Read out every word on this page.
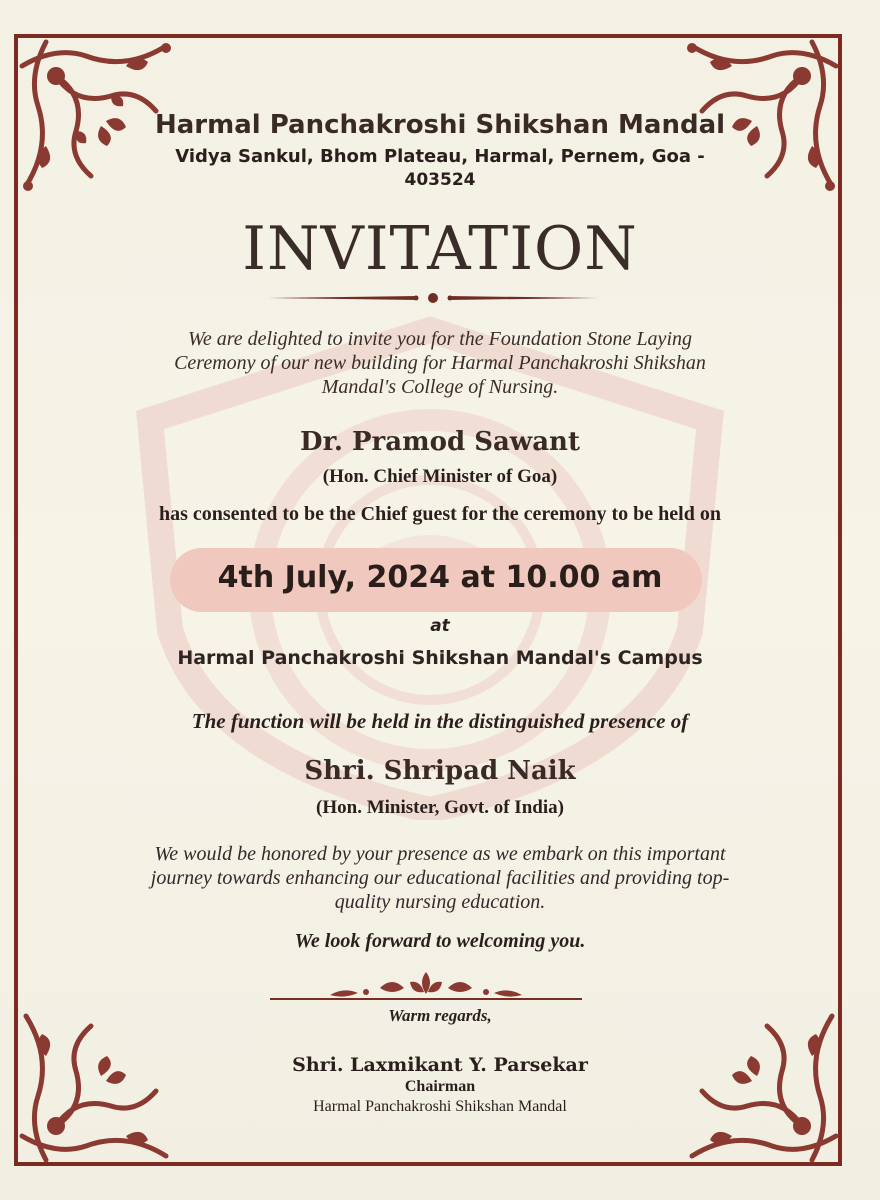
Harmal Panchakroshi Shikshan Mandal

Vidya Sankul, Bhom Plateau, Harmal, Pernem, Goa -

403524

INVITATION

We are delighted to invite you for the Foundation Stone Laying

Ceremony of our new building for Harmal Panchakroshi Shikshan

Mandal's College of Nursing.

Dr. Pramod Sawant

(Hon. Chief Minister of Goa)

has consented to be the Chief guest for the ceremony to be held on

4th July, 2024 at 10.00 am

at

Harmal Panchakroshi Shikshan Mandal's Campus

The function will be held in the distinguished presence of

Shri. Shripad Naik

(Hon. Minister, Govt. of India)

We would be honored by your presence as we embark on this important

journey towards enhancing our educational facilities and providing top-

quality nursing education.

We look forward to welcoming you.

Warm regards,

Shri. Laxmikant Y. Parsekar

Chairman

Harmal Panchakroshi Shikshan Mandal
